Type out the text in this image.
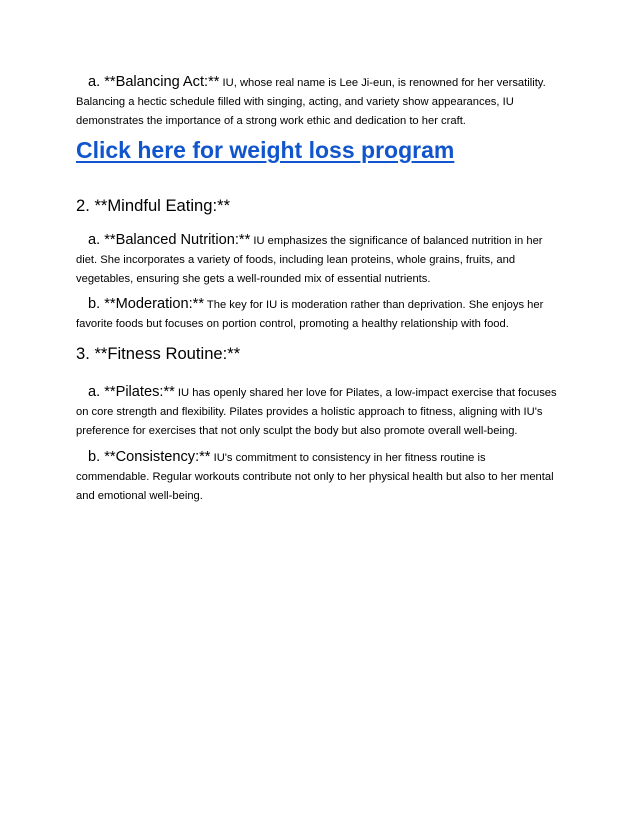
a. **Balancing Act:** IU, whose real name is Lee Ji-eun, is renowned for her versatility. Balancing a hectic schedule filled with singing, acting, and variety show appearances, IU demonstrates the importance of a strong work ethic and dedication to her craft.

Click here for weight loss program
2. **Mindful Eating:**

a. **Balanced Nutrition:** IU emphasizes the significance of balanced nutrition in her diet. She incorporates a variety of foods, including lean proteins, whole grains, fruits, and vegetables, ensuring she gets a well-rounded mix of essential nutrients.

b. **Moderation:** The key for IU is moderation rather than deprivation. She enjoys her favorite foods but focuses on portion control, promoting a healthy relationship with food.

3. **Fitness Routine:**

a. **Pilates:** IU has openly shared her love for Pilates, a low-impact exercise that focuses on core strength and flexibility. Pilates provides a holistic approach to fitness, aligning with IU's preference for exercises that not only sculpt the body but also promote overall well-being.

b. **Consistency:** IU's commitment to consistency in her fitness routine is commendable. Regular workouts contribute not only to her physical health but also to her mental and emotional well-being.
